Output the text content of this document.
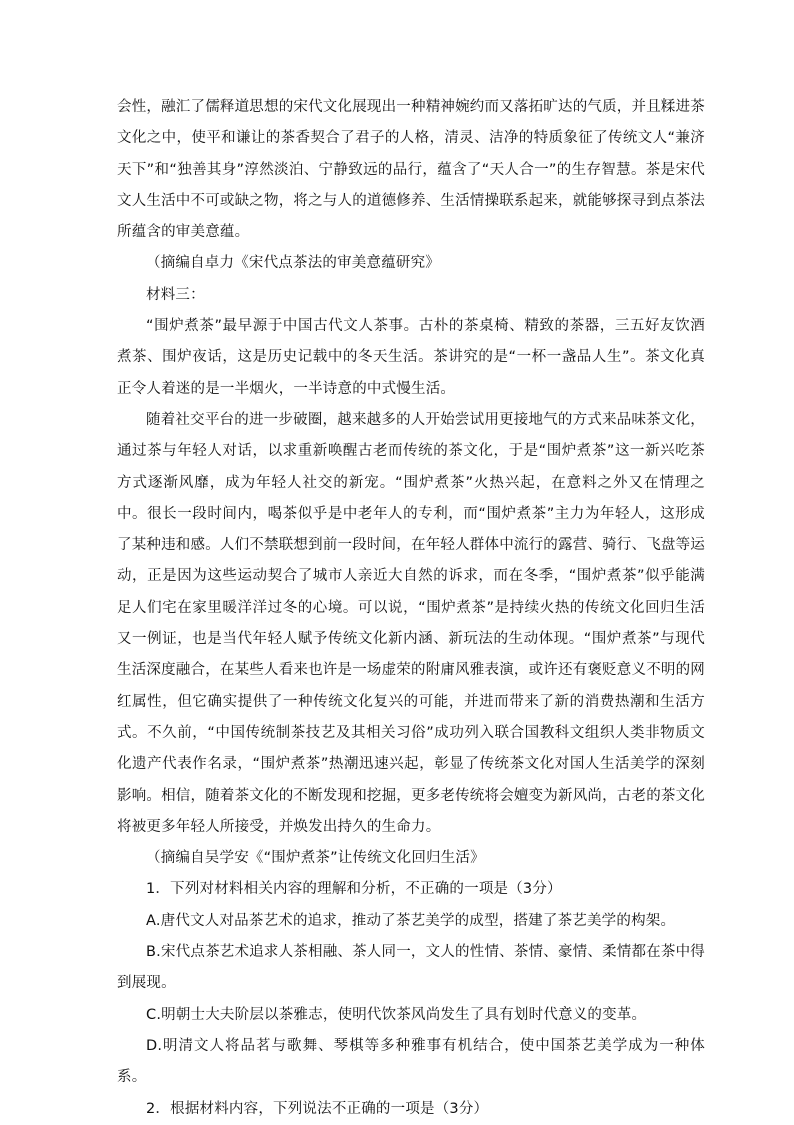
会性，融汇了儒释道思想的宋代文化展现出一种精神婉约而又落拓旷达的气质，并且糅进茶文化之中，使平和谦让的茶香契合了君子的人格，清灵、洁净的特质象征了传统文人“兼济天下”和“独善其身”淳然淡泊、宁静致远的品行，蕴含了“天人合一”的生存智慧。茶是宋代文人生活中不可或缺之物，将之与人的道德修养、生活情操联系起来，就能够探寻到点茶法所蕴含的审美意蕴。

（摘编自卓力《宋代点茶法的审美意蕴研究》

材料三：

“围炉煮茶”最早源于中国古代文人茶事。古朴的茶桌椅、精致的茶器，三五好友饮酒煮茶、围炉夜话，这是历史记载中的冬天生活。茶讲究的是“一杯一盏品人生”。茶文化真正令人着迷的是一半烟火，一半诗意的中式慢生活。

随着社交平台的进一步破圈，越来越多的人开始尝试用更接地气的方式来品味茶文化，通过茶与年轻人对话，以求重新唤醒古老而传统的茶文化，于是“围炉煮茶”这一新兴吃茶方式逐渐风靡，成为年轻人社交的新宠。“围炉煮茶”火热兴起，在意料之外又在情理之中。很长一段时间内，喝茶似乎是中老年人的专利，而“围炉煮茶”主力为年轻人，这形成了某种违和感。人们不禁联想到前一段时间，在年轻人群体中流行的露营、骑行、飞盘等运动，正是因为这些运动契合了城市人亲近大自然的诉求，而在冬季，“围炉煮茶”似乎能满足人们宅在家里暖洋洋过冬的心境。可以说，“围炉煮茶”是持续火热的传统文化回归生活又一例证，也是当代年轻人赋予传统文化新内涵、新玩法的生动体现。“围炉煮茶”与现代生活深度融合，在某些人看来也许是一场虚荣的附庸风雅表演，或许还有褒贬意义不明的网红属性，但它确实提供了一种传统文化复兴的可能，并进而带来了新的消费热潮和生活方式。不久前，“中国传统制茶技艺及其相关习俗”成功列入联合国教科文组织人类非物质文化遗产代表作名录，“围炉煮茶”热潮迅速兴起，彰显了传统茶文化对国人生活美学的深刻影响。相信，随着茶文化的不断发现和挖掘，更多老传统将会嬗变为新风尚，古老的茶文化将被更多年轻人所接受，并焕发出持久的生命力。

（摘编自吴学安《“围炉煮茶”让传统文化回归生活》

1．下列对材料相关内容的理解和分析，不正确的一项是（3分）

A.唐代文人对品茶艺术的追求，推动了茶艺美学的成型，搭建了茶艺美学的构架。

B.宋代点茶艺术追求人茶相融、茶人同一，文人的性情、茶情、豪情、柔情都在茶中得到展现。

C.明朝士大夫阶层以茶雅志，使明代饮茶风尚发生了具有划时代意义的变革。

D.明清文人将品茗与歌舞、琴棋等多种雅事有机结合，使中国茶艺美学成为一种体系。

2．根据材料内容，下列说法不正确的一项是（3分）
